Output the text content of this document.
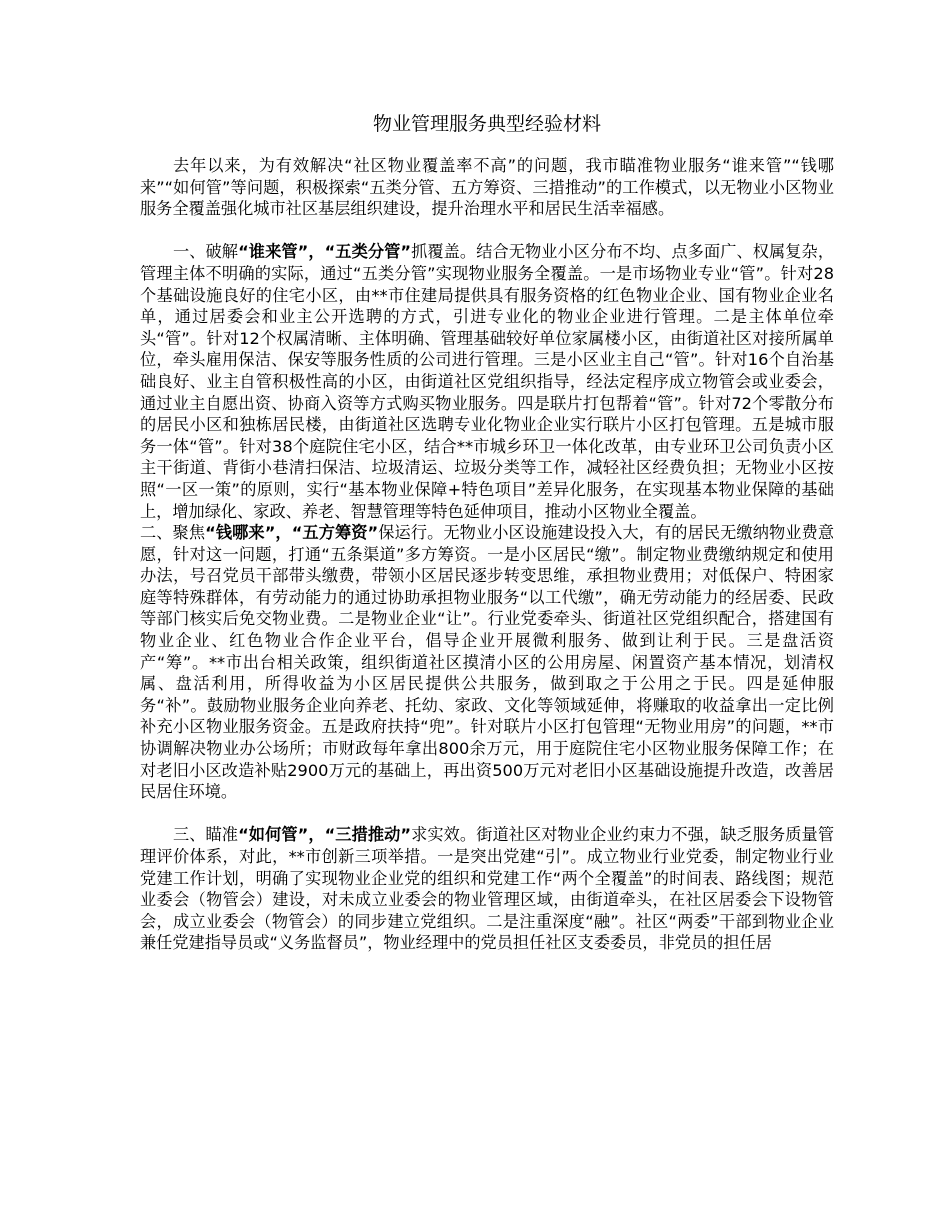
物业管理服务典型经验材料

去年以来，为有效解决“社区物业覆盖率不高”的问题，我市瞄准物业服务“谁来管”“钱哪来”“如何管”等问题，积极探索“五类分管、五方筹资、三措推动”的工作模式，以无物业小区物业服务全覆盖强化城市社区基层组织建设，提升治理水平和居民生活幸福感。

一、破解“谁来管”，“五类分管”抓覆盖。结合无物业小区分布不均、点多面广、权属复杂，管理主体不明确的实际，通过“五类分管”实现物业服务全覆盖。一是市场物业专业“管”。针对28个基础设施良好的住宅小区，由**市住建局提供具有服务资格的红色物业企业、国有物业企业名单，通过居委会和业主公开选聘的方式，引进专业化的物业企业进行管理。二是主体单位牵头“管”。针对12个权属清晰、主体明确、管理基础较好单位家属楼小区，由街道社区对接所属单位，牵头雇用保洁、保安等服务性质的公司进行管理。三是小区业主自己“管”。针对16个自治基础良好、业主自管积极性高的小区，由街道社区党组织指导，经法定程序成立物管会或业委会，通过业主自愿出资、协商入资等方式购买物业服务。四是联片打包帮着“管”。针对72个零散分布的居民小区和独栋居民楼，由街道社区选聘专业化物业企业实行联片小区打包管理。五是城市服务一体“管”。针对38个庭院住宅小区，结合**市城乡环卫一体化改革，由专业环卫公司负责小区主干街道、背街小巷清扫保洁、垃圾清运、垃圾分类等工作，减轻社区经费负担；无物业小区按照“一区一策”的原则，实行“基本物业保障+特色项目”差异化服务，在实现基本物业保障的基础上，增加绿化、家政、养老、智慧管理等特色延伸项目，推动小区物业全覆盖。

二、聚焦“钱哪来”，“五方筹资”保运行。无物业小区设施建设投入大，有的居民无缴纳物业费意愿，针对这一问题，打通“五条渠道”多方筹资。一是小区居民“缴”。制定物业费缴纳规定和使用办法，号召党员干部带头缴费，带领小区居民逐步转变思维，承担物业费用；对低保户、特困家庭等特殊群体，有劳动能力的通过协助承担物业服务“以工代缴”，确无劳动能力的经居委、民政等部门核实后免交物业费。二是物业企业“让”。行业党委牵头、街道社区党组织配合，搭建国有物业企业、红色物业合作企业平台，倡导企业开展微利服务、做到让利于民。三是盘活资产“筹”。**市出台相关政策，组织街道社区摸清小区的公用房屋、闲置资产基本情况，划清权属、盘活利用，所得收益为小区居民提供公共服务，做到取之于公用之于民。四是延伸服务“补”。鼓励物业服务企业向养老、托幼、家政、文化等领域延伸，将赚取的收益拿出一定比例补充小区物业服务资金。五是政府扶持“兜”。针对联片小区打包管理“无物业用房”的问题，**市协调解决物业办公场所；市财政每年拿出800余万元，用于庭院住宅小区物业服务保障工作；在对老旧小区改造补贴2900万元的基础上，再出资500万元对老旧小区基础设施提升改造，改善居民居住环境。

三、瞄准“如何管”，“三措推动”求实效。街道社区对物业企业约束力不强，缺乏服务质量管理评价体系，对此，**市创新三项举措。一是突出党建“引”。成立物业行业党委，制定物业行业党建工作计划，明确了实现物业企业党的组织和党建工作“两个全覆盖”的时间表、路线图；规范业委会（物管会）建设，对未成立业委会的物业管理区域，由街道牵头，在社区居委会下设物管会，成立业委会（物管会）的同步建立党组织。二是注重深度“融”。社区“两委”干部到物业企业兼任党建指导员或“义务监督员”，物业经理中的党员担任社区支委委员，非党员的担任居
